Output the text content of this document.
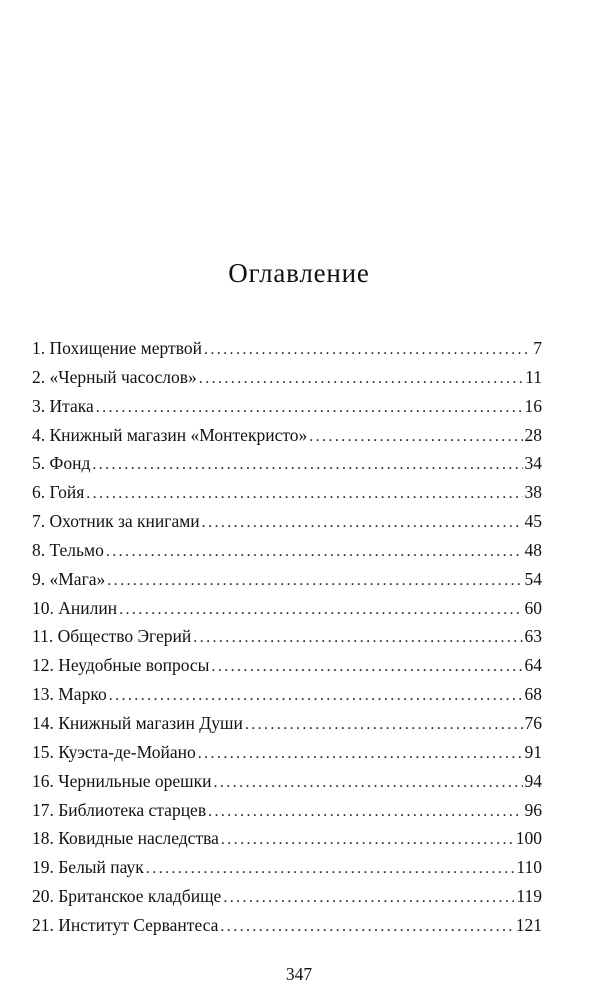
Оглавление
1. Похищение мертвой .....	7
2. «Черный часослов» .....	11
3. Итака .....	16
4. Книжный магазин «Монтекристо» .....	28
5. Фонд .....	34
6. Гойя .....	38
7. Охотник за книгами .....	45
8. Тельмо .....	48
9. «Мага» .....	54
10. Анилин .....	60
11. Общество Эгерий .....	63
12. Неудобные вопросы .....	64
13. Марко .....	68
14. Книжный магазин Души .....	76
15. Куэста-де-Мойано .....	91
16. Чернильные орешки .....	94
17. Библиотека старцев .....	96
18. Ковидные наследства .....	100
19. Белый паук .....	110
20. Британское кладбище .....	119
21. Институт Сервантеса .....	121
347
